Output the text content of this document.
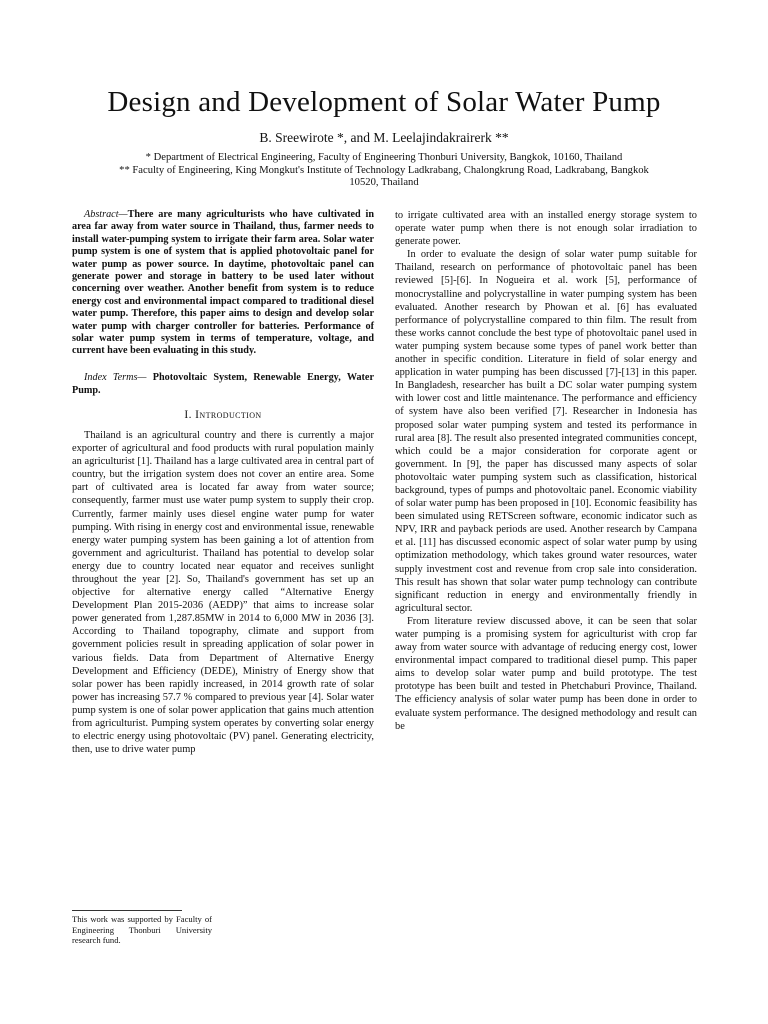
Design and Development of Solar Water Pump
B. Sreewirote *, and M. Leelajindakrairerk **
* Department of Electrical Engineering, Faculty of Engineering Thonburi University, Bangkok, 10160, Thailand
** Faculty of Engineering, King Mongkut's Institute of Technology Ladkrabang, Chalongkrung Road, Ladkrabang, Bangkok
10520, Thailand

Abstract—There are many agriculturists who have cultivated in area far away from water source in Thailand, thus, farmer needs to install water-pumping system to irrigate their farm area. Solar water pump system is one of system that is applied photovoltaic panel for water pump as power source. In daytime, photovoltaic panel can generate power and storage in battery to be used later without concerning over weather. Another benefit from system is to reduce energy cost and environmental impact compared to traditional diesel water pump. Therefore, this paper aims to design and develop solar water pump with charger controller for batteries. Performance of solar water pump system in terms of temperature, voltage, and current have been evaluating in this study.

Index Terms— Photovoltaic System, Renewable Energy, Water Pump.

I. Introduction

Thailand is an agricultural country and there is currently a major exporter of agricultural and food products with rural population mainly an agriculturist [1]. Thailand has a large cultivated area in central part of country, but the irrigation system does not cover an entire area. Some part of cultivated area is located far away from water source; consequently, farmer must use water pump system to supply their crop. Currently, farmer mainly uses diesel engine water pump for water pumping. With rising in energy cost and environmental issue, renewable energy water pumping system has been gaining a lot of attention from government and agriculturist. Thailand has potential to develop solar energy due to country located near equator and receives sunlight throughout the year [2]. So, Thailand's government has set up an objective for alternative energy called “Alternative Energy Development Plan 2015-2036 (AEDP)” that aims to increase solar power generated from 1,287.85MW in 2014 to 6,000 MW in 2036 [3]. According to Thailand topography, climate and support from government policies result in spreading application of solar power in various fields. Data from Department of Alternative Energy Development and Efficiency (DEDE), Ministry of Energy show that solar power has been rapidly increased, in 2014 growth rate of solar power has increasing 57.7 % compared to previous year [4]. Solar water pump system is one of solar power application that gains much attention from agriculturist. Pumping system operates by converting solar energy to electric energy using photovoltaic (PV) panel. Generating electricity, then, use to drive water pump

to irrigate cultivated area with an installed energy storage system to operate water pump when there is not enough solar irradiation to generate power.

In order to evaluate the design of solar water pump suitable for Thailand, research on performance of photovoltaic panel has been reviewed [5]-[6]. In Nogueira et al. work [5], performance of monocrystalline and polycrystalline in water pumping system has been evaluated. Another research by Phowan et al. [6] has evaluated performance of polycrystalline compared to thin film. The result from these works cannot conclude the best type of photovoltaic panel used in water pumping system because some types of panel work better than another in specific condition. Literature in field of solar energy and application in water pumping has been discussed [7]-[13] in this paper. In Bangladesh, researcher has built a DC solar water pumping system with lower cost and little maintenance. The performance and efficiency of system have also been verified [7]. Researcher in Indonesia has proposed solar water pumping system and tested its performance in rural area [8]. The result also presented integrated communities concept, which could be a major consideration for corporate agent or government. In [9], the paper has discussed many aspects of solar photovoltaic water pumping system such as classification, historical background, types of pumps and photovoltaic panel. Economic viability of solar water pump has been proposed in [10]. Economic feasibility has been simulated using RETScreen software, economic indicator such as NPV, IRR and payback periods are used. Another research by Campana et al. [11] has discussed economic aspect of solar water pump by using optimization methodology, which takes ground water resources, water supply investment cost and revenue from crop sale into consideration. This result has shown that solar water pump technology can contribute significant reduction in energy and environmentally friendly in agricultural sector.

From literature review discussed above, it can be seen that solar water pumping is a promising system for agriculturist with crop far away from water source with advantage of reducing energy cost, lower environmental impact compared to traditional diesel pump. This paper aims to develop solar water pump and build prototype. The test prototype has been built and tested in Phetchaburi Province, Thailand. The efficiency analysis of solar water pump has been done in order to evaluate system performance. The designed methodology and result can be

This work was supported by Faculty of Engineering Thonburi University research fund.
